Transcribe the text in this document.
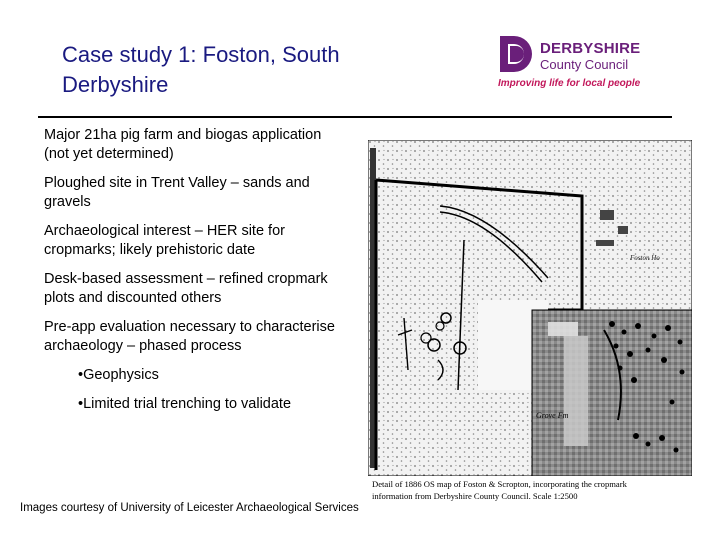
Case study 1: Foston, South Derbyshire
DERBYSHIRE
County Council
Improving life for local people
Major 21ha pig farm and biogas application (not yet determined)
Ploughed site in Trent Valley – sands and gravels
Archaeological interest – HER site for cropmarks; likely prehistoric date
Desk-based assessment – refined cropmark plots and discounted others
Pre-app evaluation necessary to characterise archaeology – phased process
•Geophysics
•Limited trial trenching to validate
Foston Ho
Grove Fm
Detail of 1886 OS map of Foston & Scropton, incorporating the cropmark
information from Derbyshire County Council. Scale 1:2500
Images courtesy of University of Leicester Archaeological Services
